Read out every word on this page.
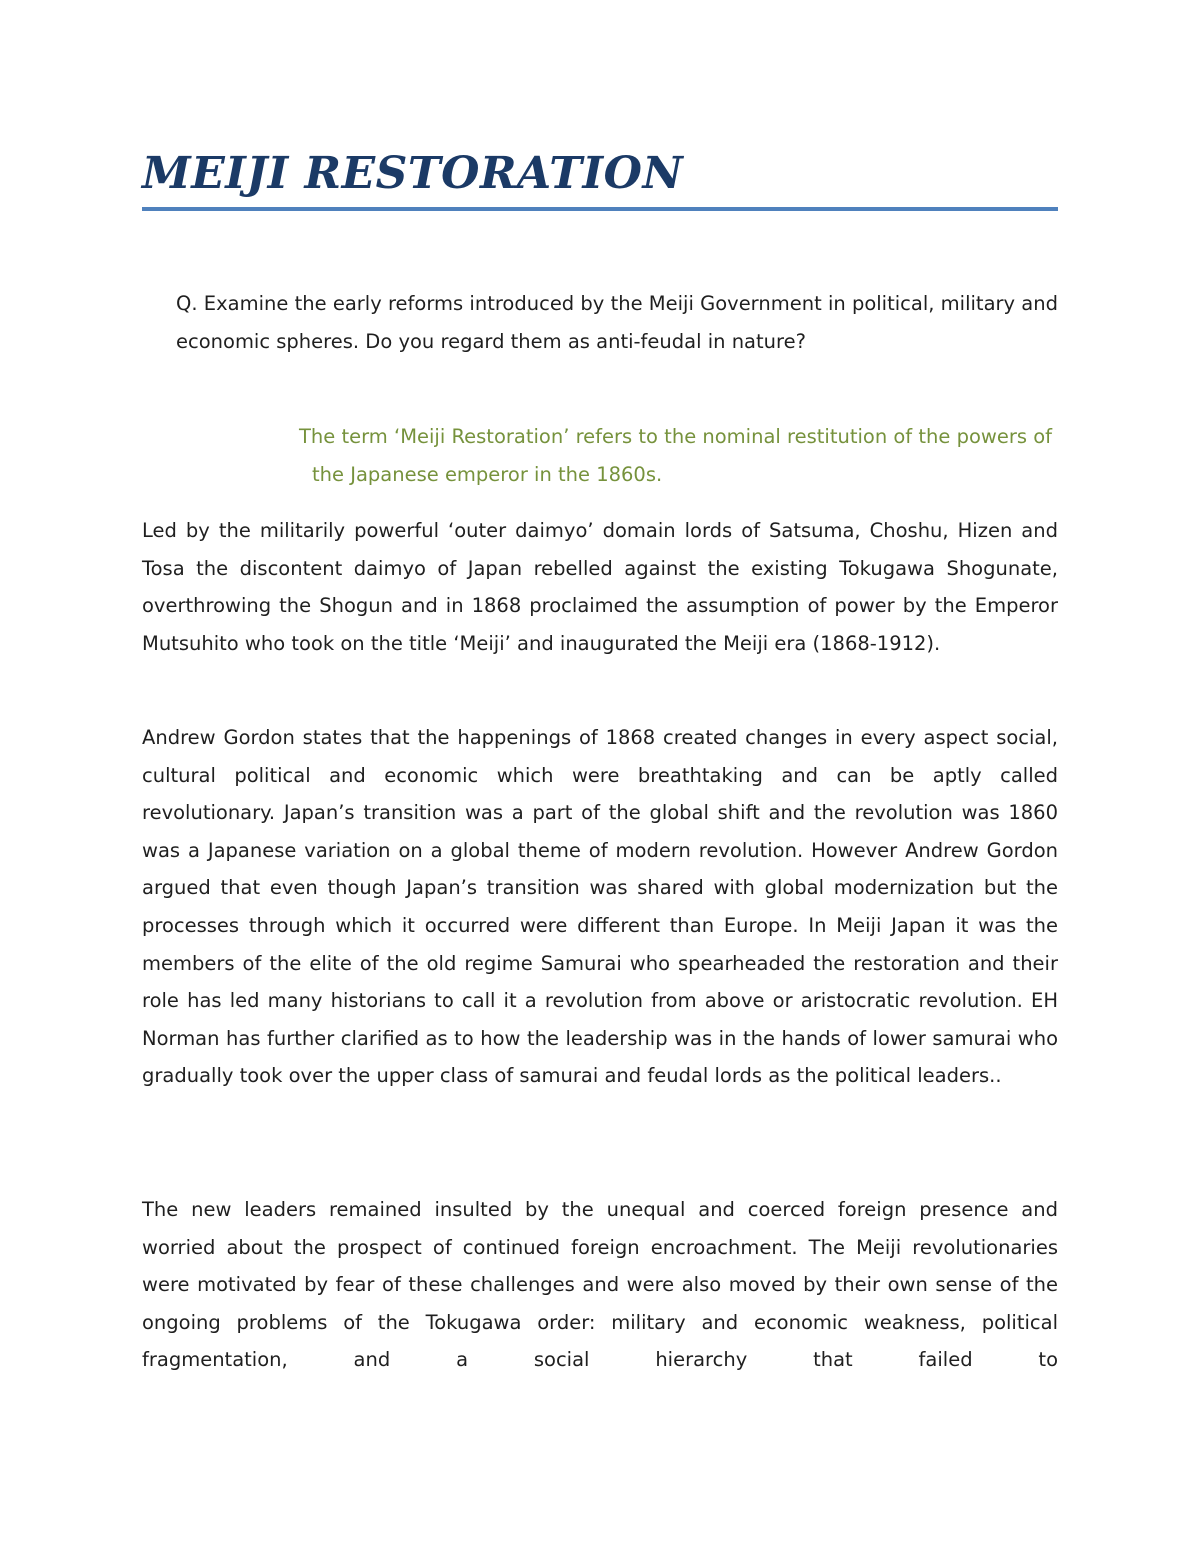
MEIJI RESTORATION

Q. Examine the early reforms introduced by the Meiji Government in political, military and economic spheres. Do you regard them as anti-feudal in nature?

The term ‘Meiji Restoration’ refers to the nominal restitution of the powers of
the Japanese emperor in the 1860s.

Led by the militarily powerful ‘outer daimyo’ domain lords of Satsuma, Choshu, Hizen and Tosa the discontent daimyo of Japan rebelled against the existing Tokugawa Shogunate, overthrowing the Shogun and in 1868 proclaimed the assumption of power by the Emperor Mutsuhito who took on the title ‘Meiji’ and inaugurated the Meiji era (1868-1912).

Andrew Gordon states that the happenings of 1868 created changes in every aspect social, cultural political and economic which were breathtaking and can be aptly called revolutionary. Japan’s transition was a part of the global shift and the revolution was 1860 was a Japanese variation on a global theme of modern revolution. However Andrew Gordon argued that even though Japan’s transition was shared with global modernization but the processes through which it occurred were different than Europe. In Meiji Japan it was the members of the elite of the old regime Samurai who spearheaded the restoration and their role has led many historians to call it a revolution from above or aristocratic revolution. EH Norman has further clarified as to how the leadership was in the hands of lower samurai who gradually took over the upper class of samurai and feudal lords as the political leaders..

The new leaders remained insulted by the unequal and coerced foreign presence and worried about the prospect of continued foreign encroachment. The Meiji revolutionaries were motivated by fear of these challenges and were also moved by their own sense of the ongoing problems of the Tokugawa order: military and economic weakness, political fragmentation, and a social hierarchy that failed to
